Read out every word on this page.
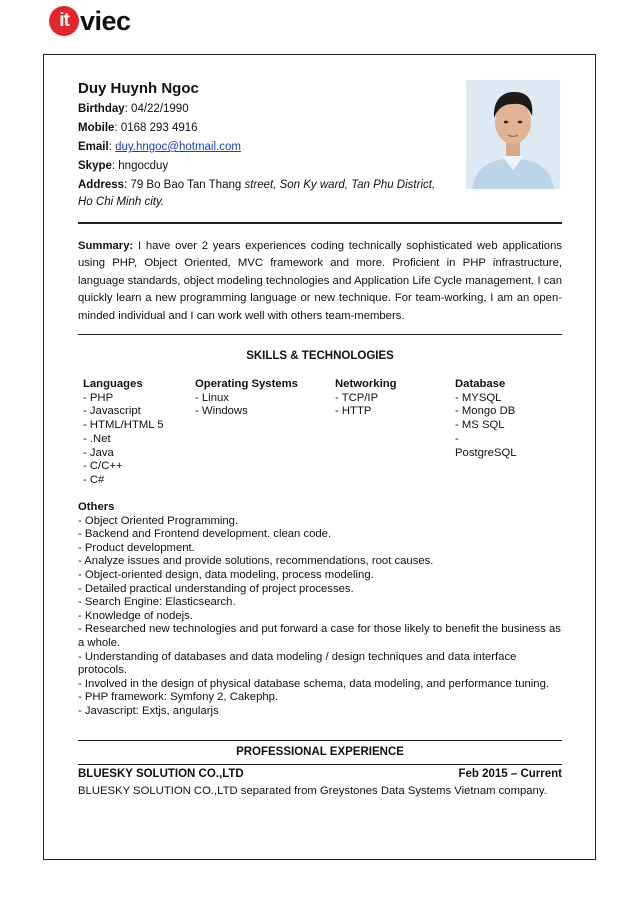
it viec
Duy Huynh Ngoc
Birthday: 04/22/1990
Mobile: 0168 293 4916
Email: duy.hngoc@hotmail.com
Skype: hngocduy
Address: 79 Bo Bao Tan Thang street, Son Ky ward, Tan Phu District,
Ho Chi Minh city.
Summary: I have over 2 years experiences coding technically sophisticated web applications using PHP, Object Oriented, MVC framework and more. Proficient in PHP infrastructure, language standards, object modeling technologies and Application Life Cycle management. I can quickly learn a new programming language or new technique. For team-working, I am an open-minded individual and I can work well with others team-members.
SKILLS & TECHNOLOGIES
Languages
- PHP
- Javascript
- HTML/HTML 5
- .Net
- Java
- C/C++
- C#
Operating Systems
- Linux
- Windows
Networking
- TCP/IP
- HTTP
Database
- MYSQL
- Mongo DB
- MS SQL
-
PostgreSQL
Others
- Object Oriented Programming.
- Backend and Frontend development. clean code.
- Product development.
- Analyze issues and provide solutions, recommendations, root causes.
- Object-oriented design, data modeling, process modeling.
- Detailed practical understanding of project processes.
- Search Engine: Elasticsearch.
- Knowledge of nodejs.
- Researched new technologies and put forward a case for those likely to benefit the business as a whole.
- Understanding of databases and data modeling / design techniques and data interface protocols.
- Involved in the design of physical database schema, data modeling, and performance tuning.
- PHP framework: Symfony 2, Cakephp.
- Javascript: Extjs, angularjs
PROFESSIONAL EXPERIENCE
BLUESKY SOLUTION CO.,LTD	Feb 2015 – Current
BLUESKY SOLUTION CO.,LTD separated from Greystones Data Systems Vietnam company.
